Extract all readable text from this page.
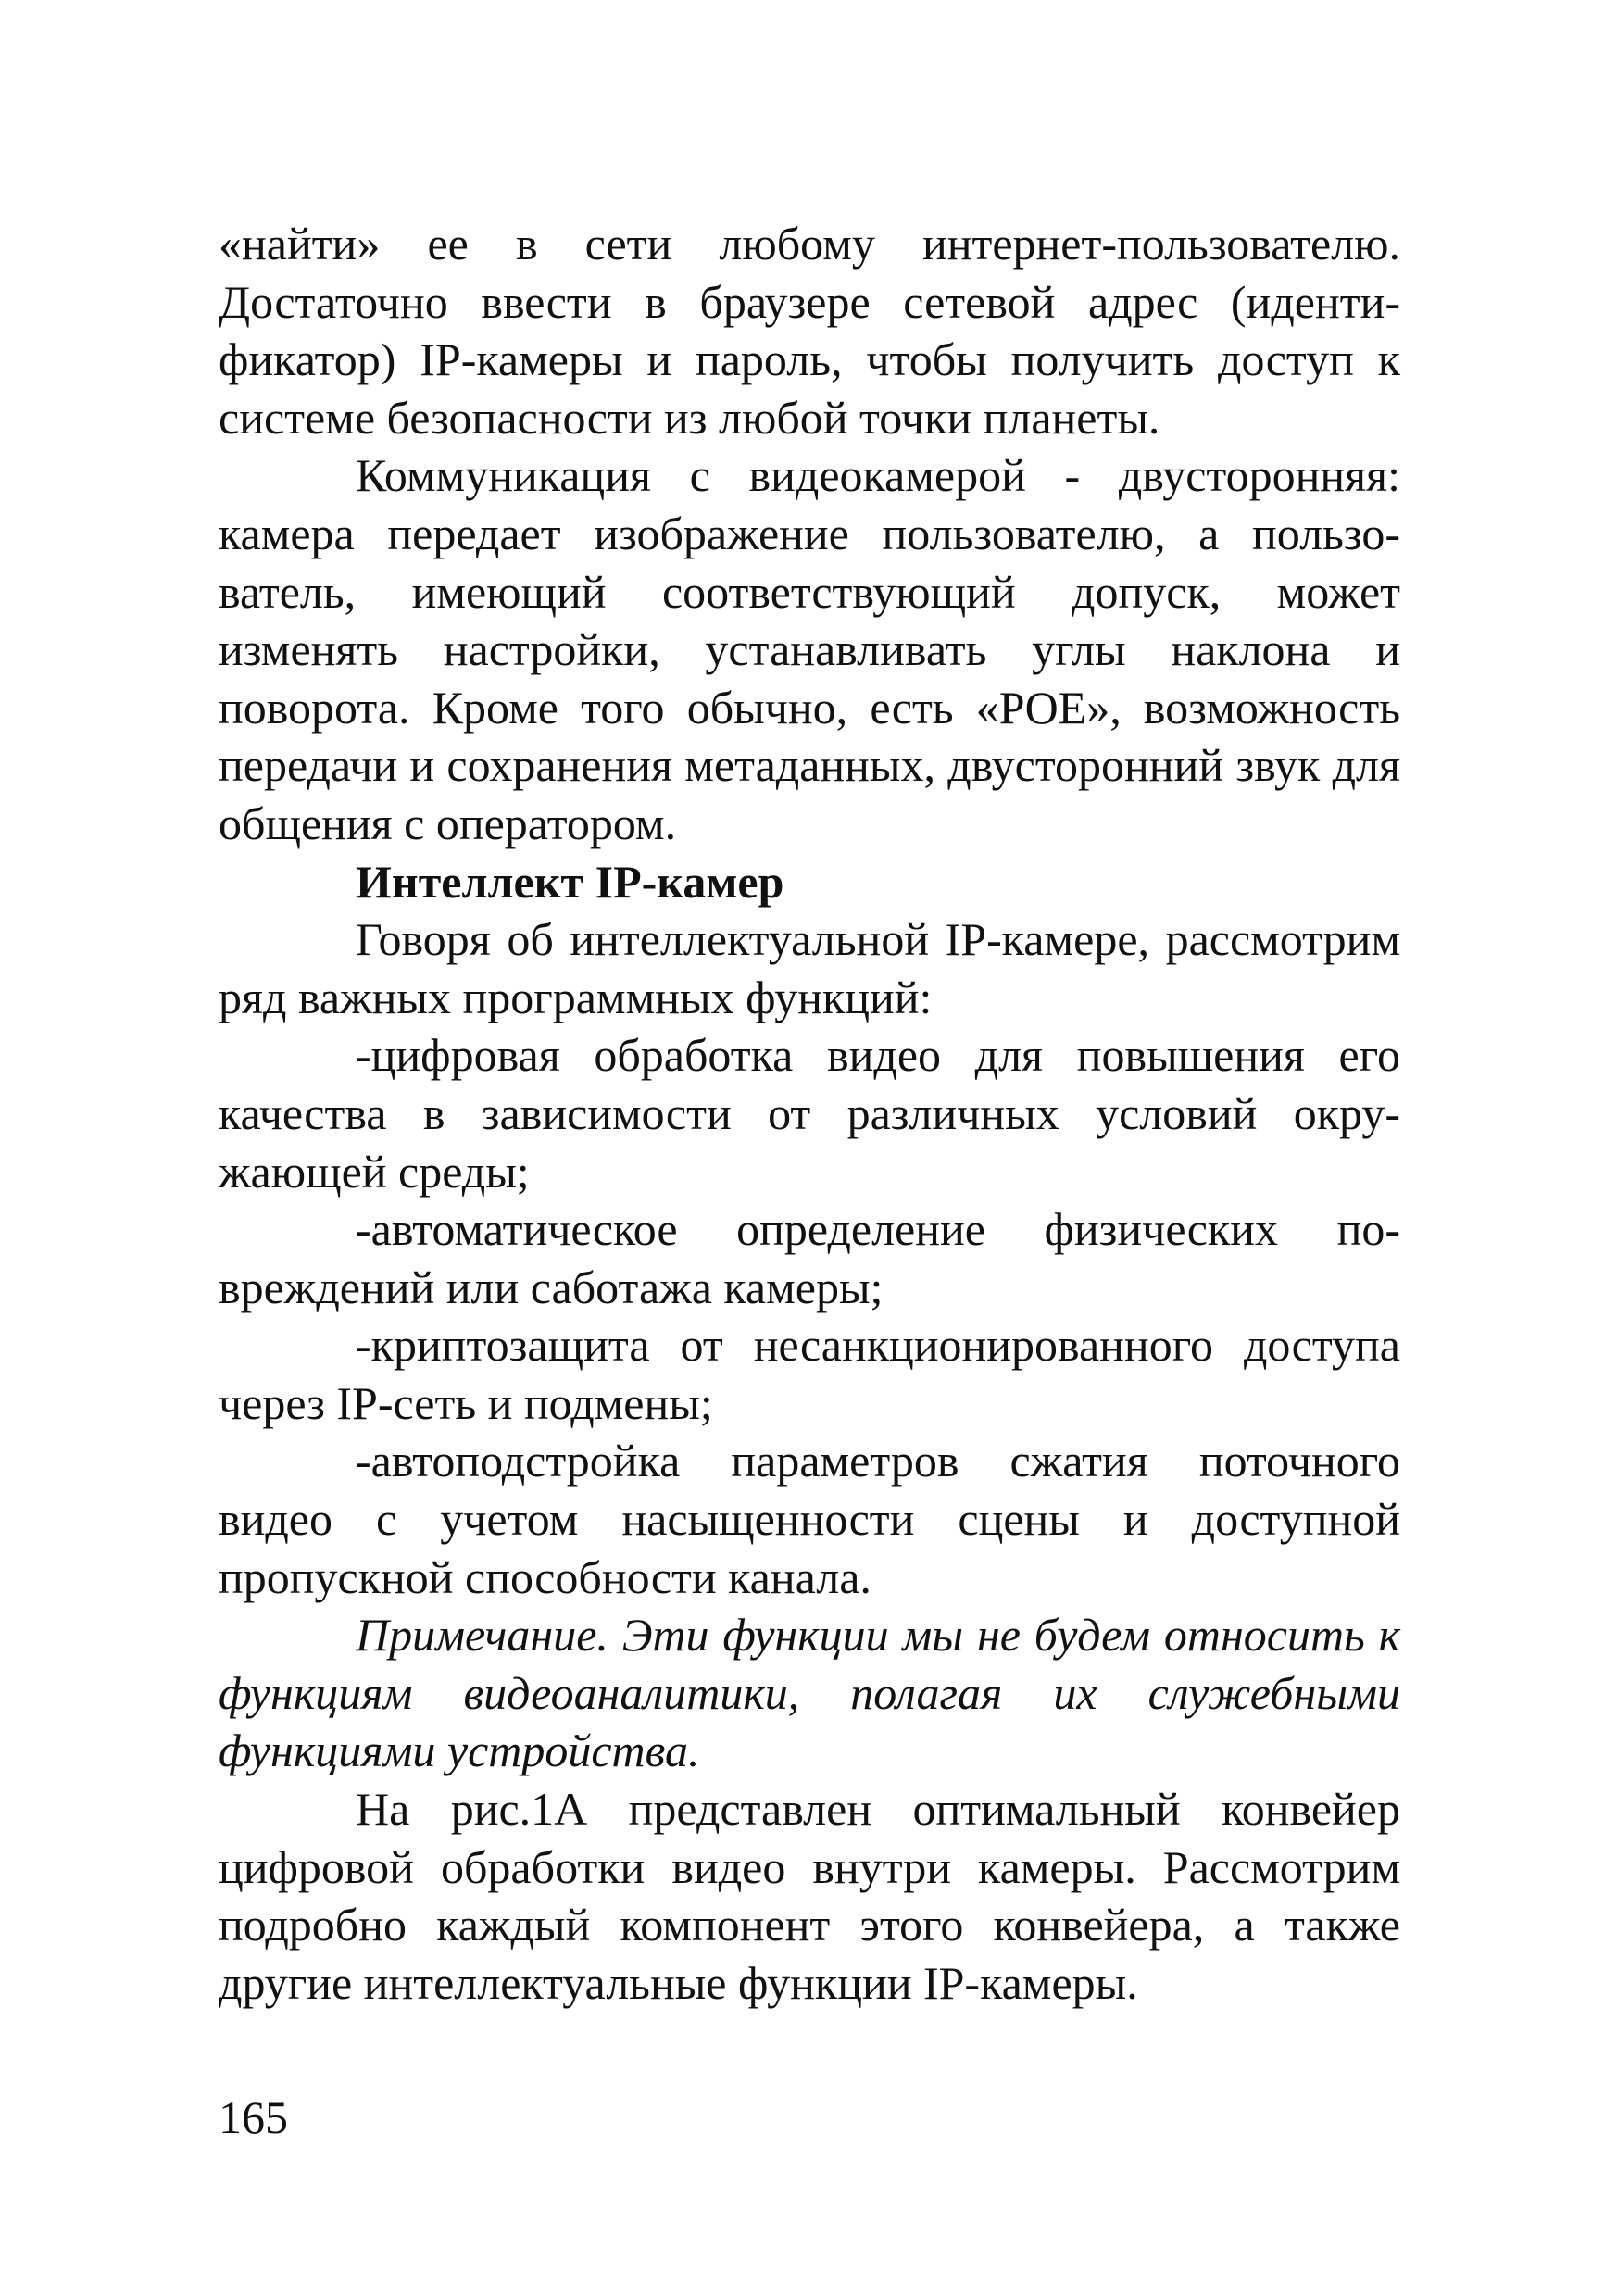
«найти» ее в сети любому интернет-пользователю. Достаточно ввести в браузере сетевой адрес (идентификатор) IP-камеры и пароль, чтобы получить доступ к системе безопасности из любой точки планеты.

Коммуникация с видеокамерой - двусторонняя: камера передает изображение пользователю, а пользователь, имеющий соответствующий допуск, может изменять настройки, устанавливать углы наклона и поворота. Кроме того обычно, есть «POE», возможность передачи и сохранения метаданных, двусторонний звук для общения с оператором.

Интеллект IP-камер

Говоря об интеллектуальной IP-камере, рассмотрим ряд важных программных функций:

-цифровая обработка видео для повышения его качества в зависимости от различных условий окружающей среды;

-автоматическое определение физических повреждений или саботажа камеры;

-криптозащита от несанкционированного доступа через IP-сеть и подмены;

-автоподстройка параметров сжатия поточного видео с учетом насыщенности сцены и доступной пропускной способности канала.

Примечание. Эти функции мы не будем относить к функциям видеоаналитики, полагая их служебными функциями устройства.

На рис.1А представлен оптимальный конвейер цифровой обработки видео внутри камеры. Рассмотрим подробно каждый компонент этого конвейера, а также другие интеллектуальные функции IP-камеры.

165
